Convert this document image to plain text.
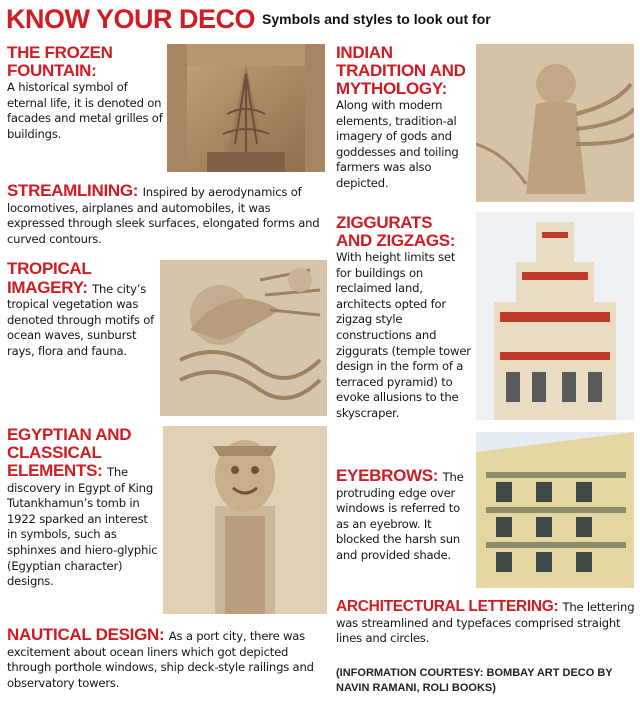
KNOW YOUR DECO Symbols and styles to look out for
THE FROZEN
FOUNTAIN:
A historical symbol of eternal life, it is denoted on facades and metal grilles of buildings.
STREAMLINING: Inspired by aerodynamics of locomotives, airplanes and automobiles, it was expressed through sleek surfaces, elongated forms and curved contours.
TROPICAL
IMAGERY: The city’s tropical vegetation was denoted through motifs of ocean waves, sunburst rays, flora and fauna.
EGYPTIAN AND
CLASSICAL
ELEMENTS: The discovery in Egypt of King Tutankhamun’s tomb in 1922 sparked an interest in symbols, such as sphinxes and hiero-glyphic (Egyptian character) designs.
NAUTICAL DESIGN: As a port city, there was excitement about ocean liners which got depicted through porthole windows, ship deck-style railings and observatory towers.
INDIAN
TRADITION AND
MYTHOLOGY:
Along with modern elements, tradition-al imagery of gods and goddesses and toiling farmers was also depicted.
ZIGGURATS
AND ZIGZAGS:
With height limits set for buildings on reclaimed land, architects opted for zigzag style constructions and ziggurats (temple tower design in the form of a terraced pyramid) to evoke allusions to the skyscraper.
EYEBROWS: The protruding edge over windows is referred to as an eyebrow. It blocked the harsh sun and provided shade.
ARCHITECTURAL LETTERING: The lettering was streamlined and typefaces comprised straight lines and circles.
(INFORMATION COURTESY: BOMBAY ART DECO BY NAVIN RAMANI, ROLI BOOKS)
